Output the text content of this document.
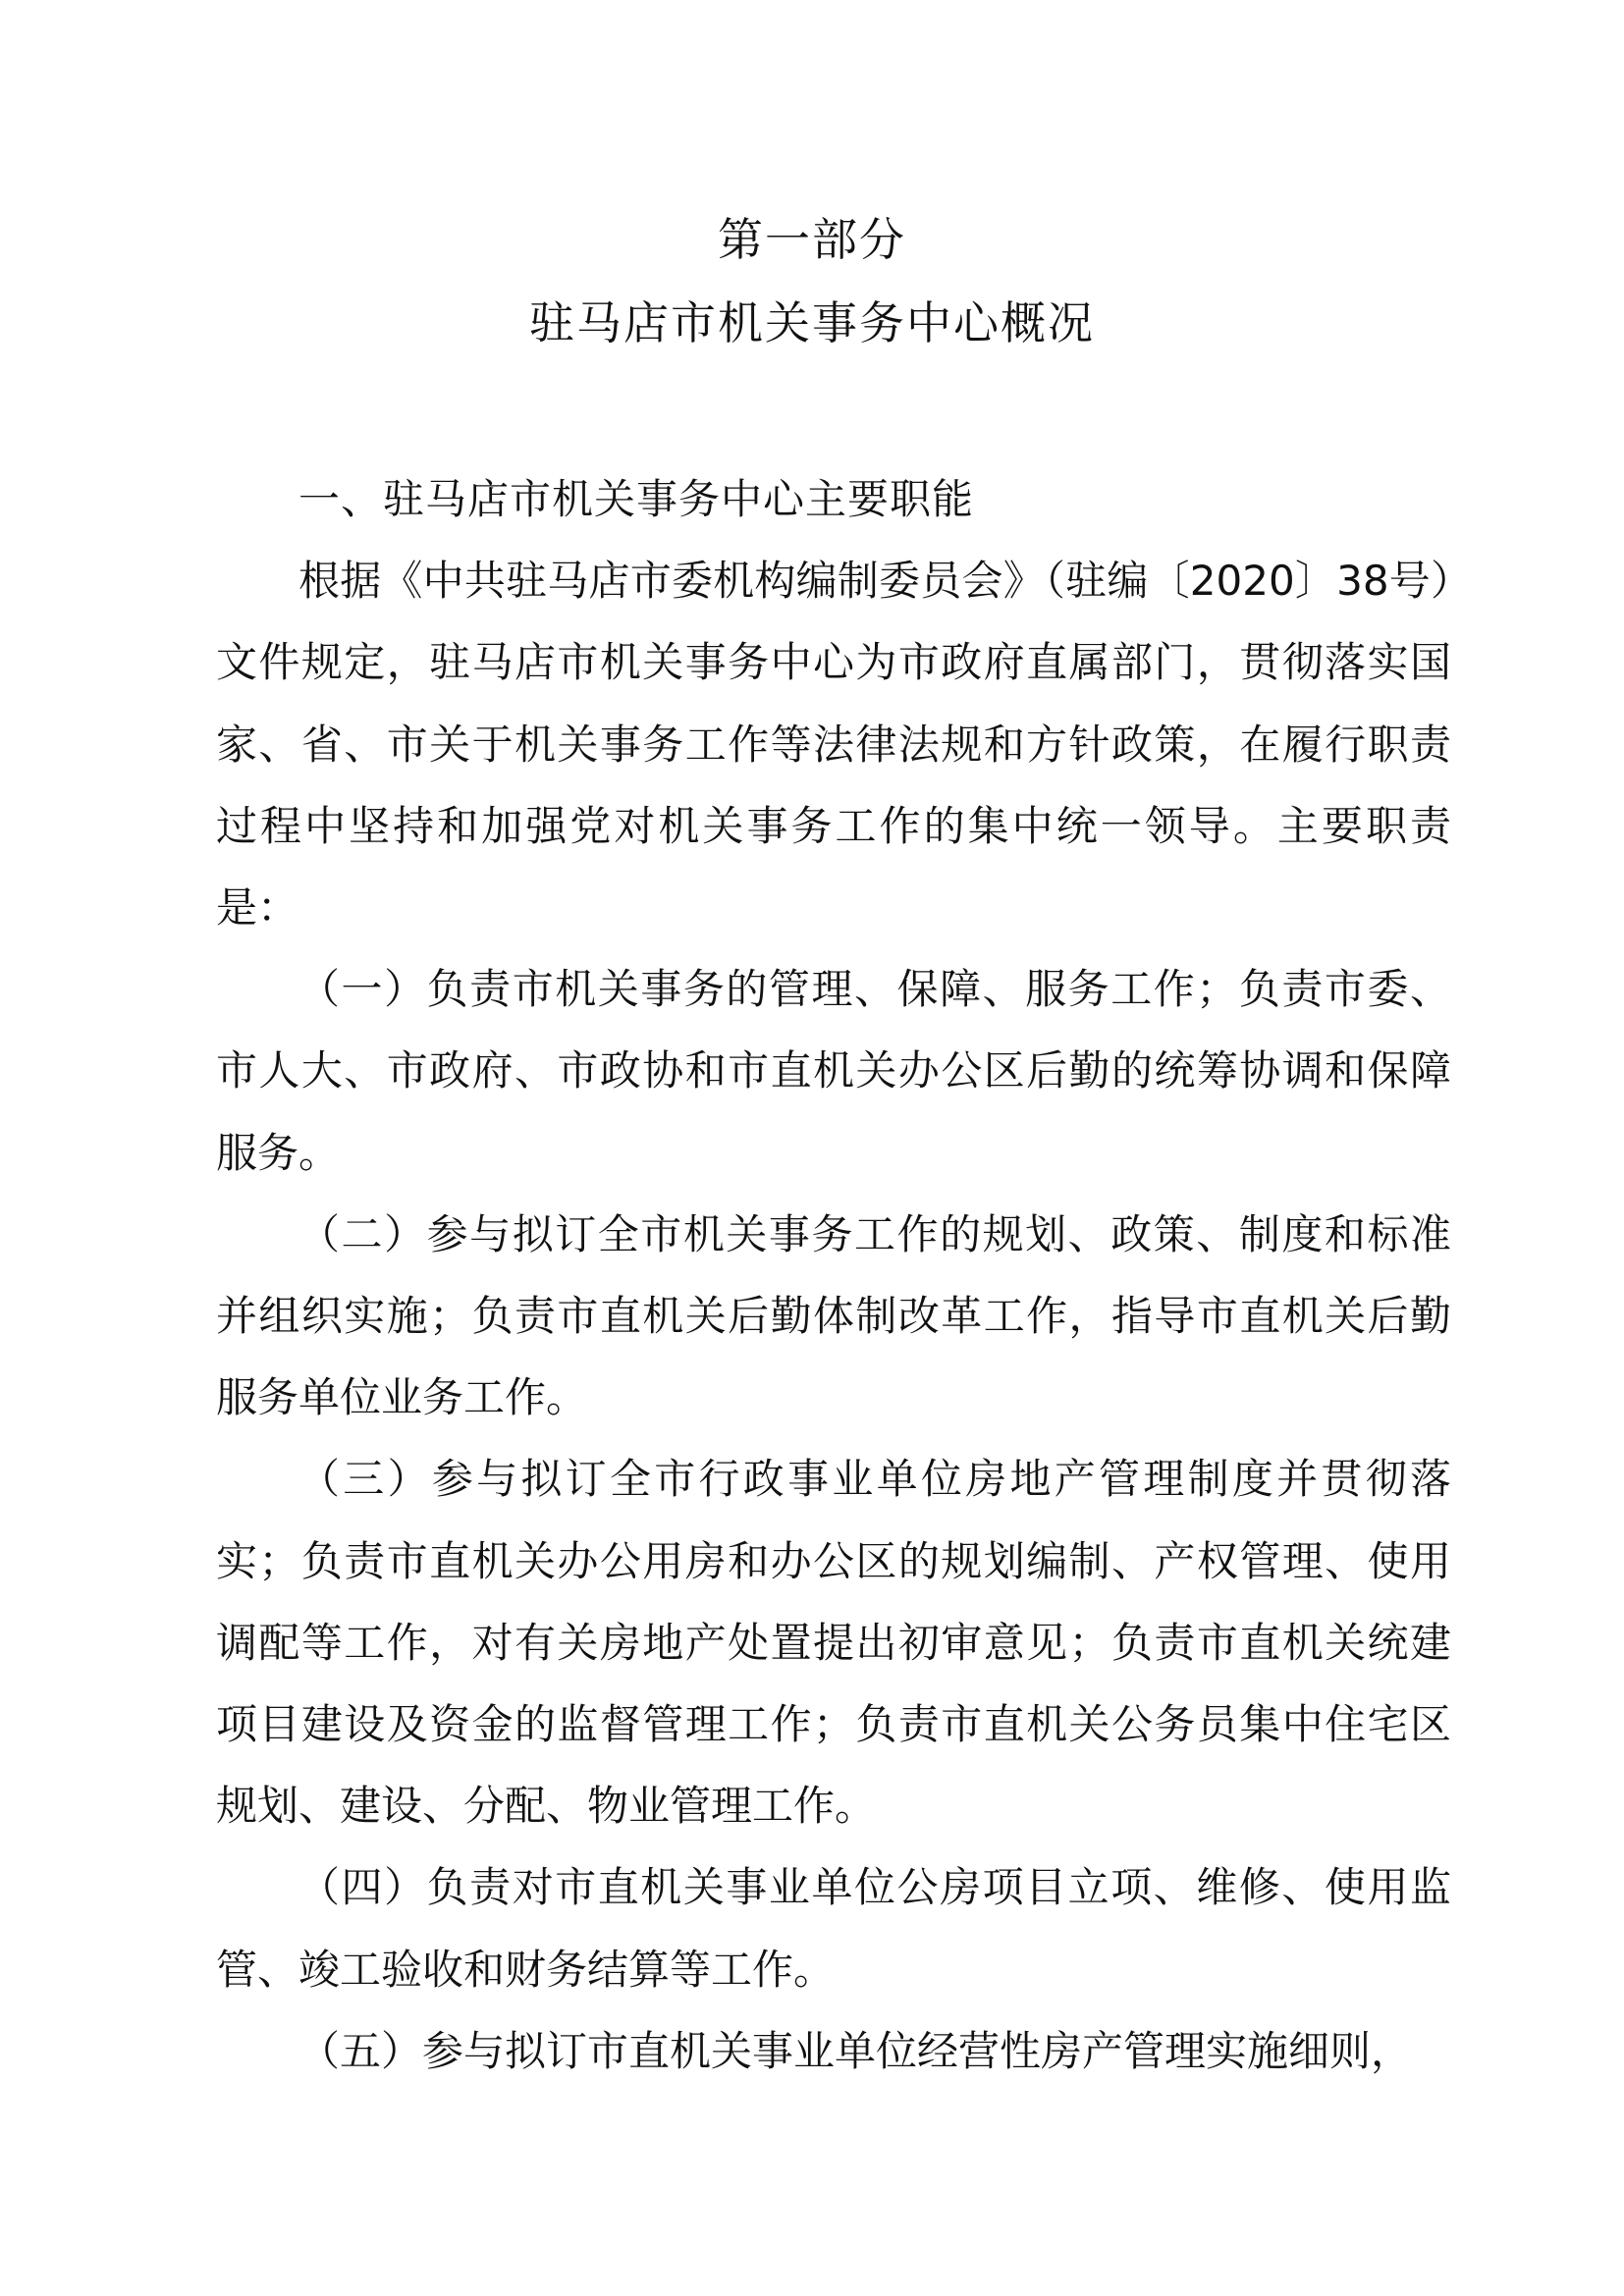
第一部分
驻马店市机关事务中心概况

一、驻马店市机关事务中心主要职能

根据《中共驻马店市委机构编制委员会》（驻编〔2020〕38号）文件规定，驻马店市机关事务中心为市政府直属部门，贯彻落实国家、省、市关于机关事务工作等法律法规和方针政策，在履行职责过程中坚持和加强党对机关事务工作的集中统一领导。主要职责是：

（一）负责市机关事务的管理、保障、服务工作；负责市委、市人大、市政府、市政协和市直机关办公区后勤的统筹协调和保障服务。

（二）参与拟订全市机关事务工作的规划、政策、制度和标准并组织实施；负责市直机关后勤体制改革工作，指导市直机关后勤服务单位业务工作。

（三）参与拟订全市行政事业单位房地产管理制度并贯彻落实；负责市直机关办公用房和办公区的规划编制、产权管理、使用调配等工作，对有关房地产处置提出初审意见；负责市直机关统建项目建设及资金的监督管理工作；负责市直机关公务员集中住宅区规划、建设、分配、物业管理工作。

（四）负责对市直机关事业单位公房项目立项、维修、使用监管、竣工验收和财务结算等工作。

（五）参与拟订市直机关事业单位经营性房产管理实施细则，
